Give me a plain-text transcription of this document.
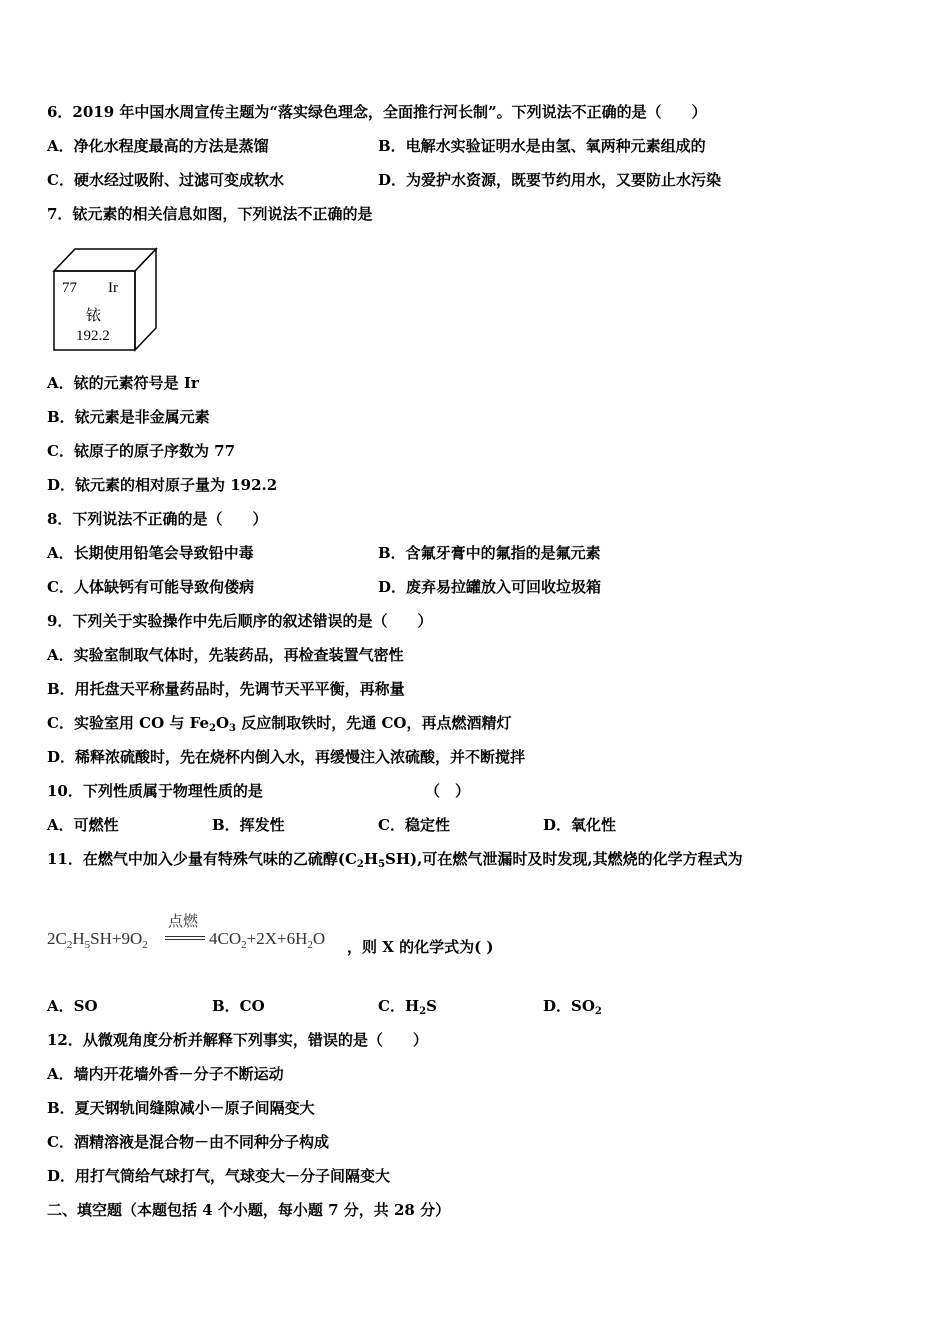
6．2019 年中国水周宣传主题为“落实绿色理念，全面推行河长制”。下列说法不正确的是（　　）
A．净化水程度最高的方法是蒸馏	B．电解水实验证明水是由氢、氧两种元素组成的
C．硬水经过吸附、过滤可变成软水	D．为爱护水资源，既要节约用水，又要防止水污染
7．铱元素的相关信息如图，下列说法不正确的是
77 Ir
铱
192.2
A．铱的元素符号是 Ir
B．铱元素是非金属元素
C．铱原子的原子序数为 77
D．铱元素的相对原子量为 192.2
8．下列说法不正确的是（　　）
A．长期使用铅笔会导致铅中毒	B．含氟牙膏中的氟指的是氟元素
C．人体缺钙有可能导致佝偻病	D．废弃易拉罐放入可回收垃圾箱
9．下列关于实验操作中先后顺序的叙述错误的是（　　）
A．实验室制取气体时，先装药品，再检查装置气密性
B．用托盘天平称量药品时，先调节天平平衡，再称量
C．实验室用 CO 与 $Fe_2O_3$ 反应制取铁时，先通 CO，再点燃酒精灯
D．稀释浓硫酸时，先在烧杯内倒入水，再缓慢注入浓硫酸，并不断搅拌
10．下列性质属于物理性质的是	（　）
A．可燃性	B．挥发性	C．稳定性	D．氧化性
11．在燃气中加入少量有特殊气味的乙硫醇$(C_2H_5SH)$,可在燃气泄漏时及时发现,其燃烧的化学方程式为
$2C_2H_5SH+9O_2$
点燃
$4CO_2+2X+6H_2O$ ，则 X 的化学式为( )
A．SO	B．CO	C．$H_2S$	D．$SO_2$
12．从微观角度分析并解释下列事实，错误的是（　　）
A．墙内开花墙外香－分子不断运动
B．夏天钢轨间缝隙减小－原子间隔变大
C．酒精溶液是混合物－由不同种分子构成
D．用打气筒给气球打气，气球变大－分子间隔变大
二、填空题（本题包括 4 个小题，每小题 7 分，共 28 分）
